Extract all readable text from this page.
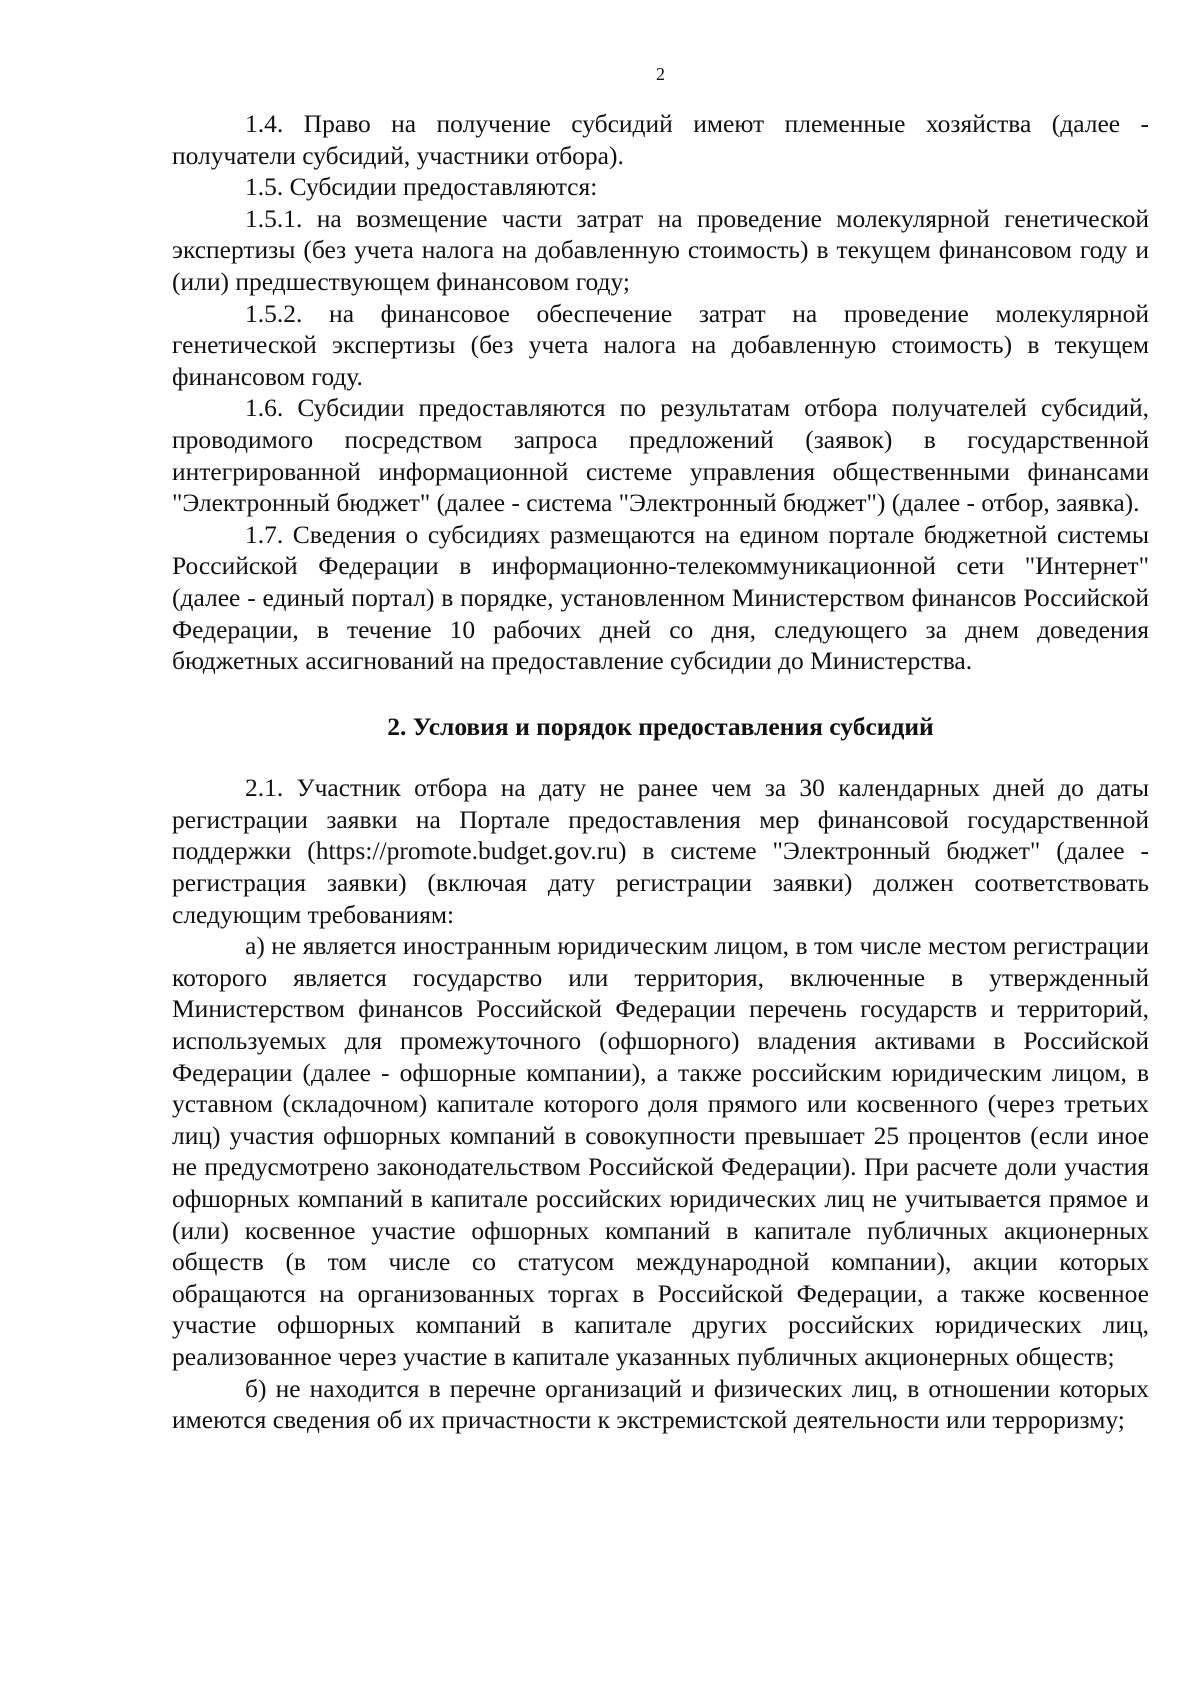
2

1.4. Право на получение субсидий имеют племенные хозяйства (далее - получатели субсидий, участники отбора).

1.5. Субсидии предоставляются:

1.5.1. на возмещение части затрат на проведение молекулярной генетической экспертизы (без учета налога на добавленную стоимость) в текущем финансовом году и (или) предшествующем финансовом году;

1.5.2. на финансовое обеспечение затрат на проведение молекулярной генетической экспертизы (без учета налога на добавленную стоимость) в текущем финансовом году.

1.6. Субсидии предоставляются по результатам отбора получателей субсидий, проводимого посредством запроса предложений (заявок) в государственной интегрированной информационной системе управления общественными финансами "Электронный бюджет" (далее - система "Электронный бюджет") (далее - отбор, заявка).

1.7. Сведения о субсидиях размещаются на едином портале бюджетной системы Российской Федерации в информационно-телекоммуникационной сети "Интернет" (далее - единый портал) в порядке, установленном Министерством финансов Российской Федерации, в течение 10 рабочих дней со дня, следующего за днем доведения бюджетных ассигнований на предоставление субсидии до Министерства.

2. Условия и порядок предоставления субсидий

2.1. Участник отбора на дату не ранее чем за 30 календарных дней до даты регистрации заявки на Портале предоставления мер финансовой государственной поддержки (https://promote.budget.gov.ru) в системе "Электронный бюджет" (далее - регистрация заявки) (включая дату регистрации заявки) должен соответствовать следующим требованиям:

а) не является иностранным юридическим лицом, в том числе местом регистрации которого является государство или территория, включенные в утвержденный Министерством финансов Российской Федерации перечень государств и территорий, используемых для промежуточного (офшорного) владения активами в Российской Федерации (далее - офшорные компании), а также российским юридическим лицом, в уставном (складочном) капитале которого доля прямого или косвенного (через третьих лиц) участия офшорных компаний в совокупности превышает 25 процентов (если иное не предусмотрено законодательством Российской Федерации). При расчете доли участия офшорных компаний в капитале российских юридических лиц не учитывается прямое и (или) косвенное участие офшорных компаний в капитале публичных акционерных обществ (в том числе со статусом международной компании), акции которых обращаются на организованных торгах в Российской Федерации, а также косвенное участие офшорных компаний в капитале других российских юридических лиц, реализованное через участие в капитале указанных публичных акционерных обществ;

б) не находится в перечне организаций и физических лиц, в отношении которых имеются сведения об их причастности к экстремистской деятельности или терроризму;
